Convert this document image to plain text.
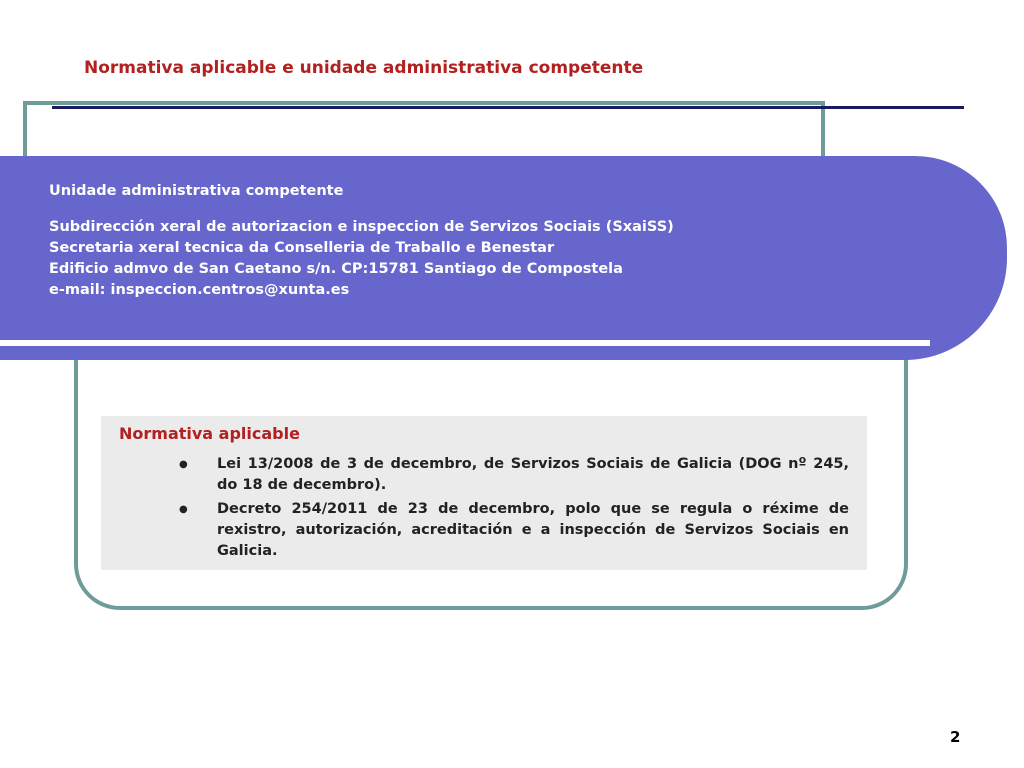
Normativa aplicable e unidade administrativa competente
Unidade administrativa competente
Subdirección xeral de autorizacion e inspeccion de Servizos Sociais (SxaiSS)
Secretaria xeral tecnica da Conselleria de Traballo e Benestar
Edificio admvo de San Caetano s/n. CP:15781 Santiago de Compostela
e-mail: inspeccion.centros@xunta.es
Normativa aplicable
● Lei 13/2008 de 3 de decembro, de Servizos Sociais de Galicia (DOG nº 245, do 18 de decembro).
● Decreto 254/2011 de 23 de decembro, polo que se regula o réxime de rexistro, autorización, acreditación e a inspección de Servizos Sociais en Galicia.
2
